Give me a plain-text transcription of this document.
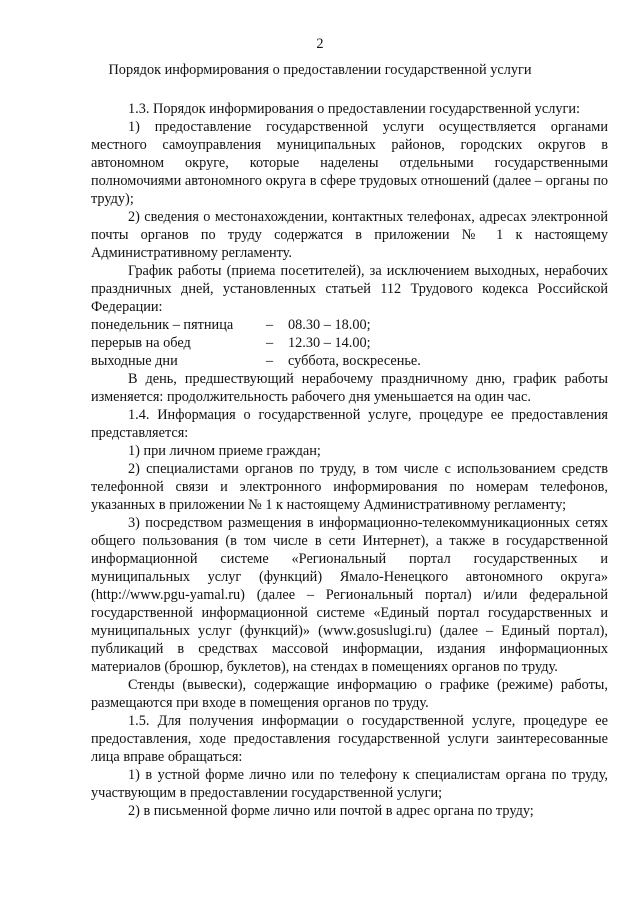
2
Порядок информирования о предоставлении государственной услуги

1.3. Порядок информирования о предоставлении государственной услуги:

1) предоставление государственной услуги осуществляется органами местного самоуправления муниципальных районов, городских округов в автономном округе, которые наделены отдельными государственными полномочиями автономного округа в сфере трудовых отношений (далее – органы по труду);

2) сведения о местонахождении, контактных телефонах, адресах электронной почты органов по труду содержатся в приложении № 1 к настоящему Административному регламенту.

График работы (приема посетителей), за исключением выходных, нерабочих праздничных дней, установленных статьей 112 Трудового кодекса Российской Федерации:

понедельник – пятница	–	08.30 – 18.00;
перерыв на обед	–	12.30 – 14.00;
выходные дни	–	суббота, воскресенье.

В день, предшествующий нерабочему праздничному дню, график работы изменяется: продолжительность рабочего дня уменьшается на один час.

1.4. Информация о государственной услуге, процедуре ее предоставления представляется:

1) при личном приеме граждан;

2) специалистами органов по труду, в том числе с использованием средств телефонной связи и электронного информирования по номерам телефонов, указанных в приложении № 1 к настоящему Административному регламенту;

3) посредством размещения в информационно-телекоммуникационных сетях общего пользования (в том числе в сети Интернет), а также в государственной информационной системе «Региональный портал государственных и муниципальных услуг (функций) Ямало-Ненецкого автономного округа» (http://www.pgu-yamal.ru) (далее – Региональный портал) и/или федеральной государственной информационной системе «Единый портал государственных и муниципальных услуг (функций)» (www.gosuslugi.ru) (далее – Единый портал), публикаций в средствах массовой информации, издания информационных материалов (брошюр, буклетов), на стендах в помещениях органов по труду.

Стенды (вывески), содержащие информацию о графике (режиме) работы, размещаются при входе в помещения органов по труду.

1.5. Для получения информации о государственной услуге, процедуре ее предоставления, ходе предоставления государственной услуги заинтересованные лица вправе обращаться:

1) в устной форме лично или по телефону к специалистам органа по труду, участвующим в предоставлении государственной услуги;

2) в письменной форме лично или почтой в адрес органа по труду;
